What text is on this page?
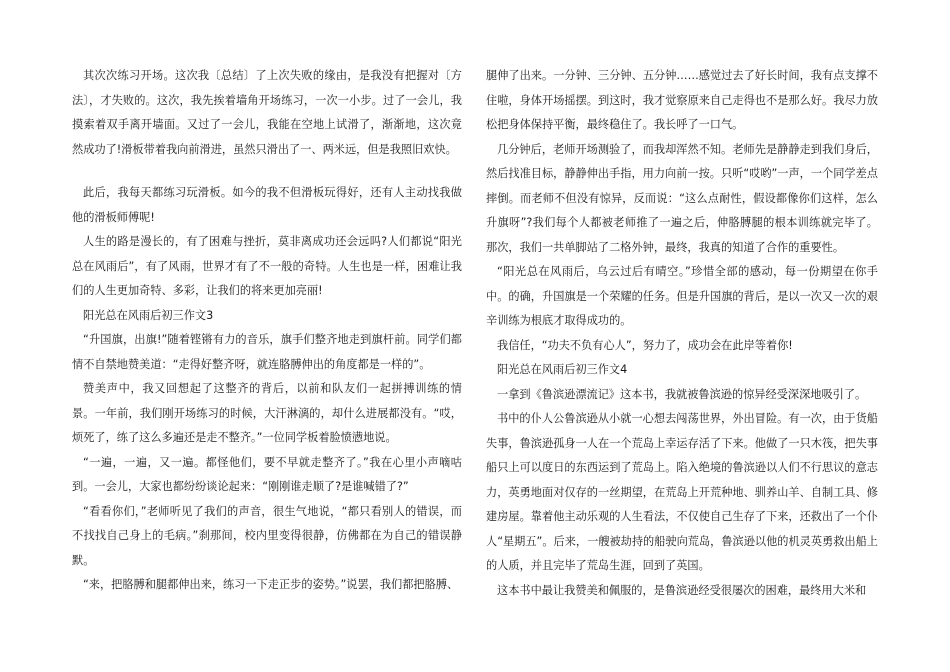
其次次练习开场。这次我〔总结〕了上次失败的缘由，是我没有把握对〔方法〕，才失败的。这次，我先挨着墙角开场练习，一次一小步。过了一会儿，我摸索着双手离开墙面。又过了一会儿，我能在空地上试滑了，渐渐地，这次竟然成功了!滑板带着我向前滑进，虽然只滑出了一、两米远，但是我照旧欢快。

此后，我每天都练习玩滑板。如今的我不但滑板玩得好，还有人主动找我做他的滑板师傅呢!

人生的路是漫长的，有了困难与挫折，莫非离成功还会远吗?人们都说“阳光总在风雨后”，有了风雨，世界才有了不一般的奇特。人生也是一样，困难让我们的人生更加奇特、多彩，让我们的将来更加亮丽!

阳光总在风雨后初三作文3

“升国旗，出旗!”随着铿锵有力的音乐，旗手们整齐地走到旗杆前。同学们都情不自禁地赞美道：“走得好整齐呀，就连胳膊伸出的角度都是一样的”。

赞美声中，我又回想起了这整齐的背后，以前和队友们一起拼搏训练的情景。一年前，我们刚开场练习的时候，大汗淋漓的，却什么进展都没有。“哎，烦死了，练了这么多遍还是走不整齐。”一位同学板着脸愤懑地说。

“一遍，一遍，又一遍。都怪他们，要不早就走整齐了。”我在心里小声嘀咕到。一会儿，大家也都纷纷谈论起来：“刚刚谁走顺了?是谁喊错了?”

“看看你们，”老师听见了我们的声音，很生气地说，“都只看别人的错误，而不找找自己身上的毛病。”刹那间，校内里变得很静，仿佛都在为自己的错误静默。

“来，把胳膊和腿都伸出来，练习一下走正步的姿势。”说罢，我们都把胳膊、

腿伸了出来。一分钟、三分钟、五分钟……感觉过去了好长时间，我有点支撑不住啦，身体开场摇摆。到这时，我才觉察原来自己走得也不是那么好。我尽力放松把身体保持平衡，最终稳住了。我长呼了一口气。

几分钟后，老师开场测验了，而我却浑然不知。老师先是静静走到我们身后，然后找准目标，静静伸出手指，用力向前一按。只听“哎哟”一声，一个同学差点摔倒。而老师不但没有惊异，反而说：“这么点耐性，假设都像你们这样，怎么升旗呀”?我们每个人都被老师推了一遍之后，伸胳膊腿的根本训练就完毕了。那次，我们一共单脚站了二格外钟，最终，我真的知道了合作的重要性。

“阳光总在风雨后，乌云过后有晴空。”珍惜全部的感动，每一份期望在你手中。的确，升国旗是一个荣耀的任务。但是升国旗的背后，是以一次又一次的艰辛训练为根底才取得成功的。

我信任，“功夫不负有心人”，努力了，成功会在此岸等着你!

阳光总在风雨后初三作文4

一拿到《鲁滨逊漂流记》这本书，我就被鲁滨逊的惊异经受深深地吸引了。

书中的仆人公鲁滨逊从小就一心想去闯荡世界，外出冒险。有一次，由于货船失事，鲁滨逊孤身一人在一个荒岛上幸运存活了下来。他做了一只木筏，把失事船只上可以度日的东西运到了荒岛上。陷入绝境的鲁滨逊以人们不行思议的意志力，英勇地面对仅存的一丝期望，在荒岛上开荒种地、驯养山羊、自制工具、修建房屋。靠着他主动乐观的人生看法，不仅使自己生存了下来，还救出了一个仆人“星期五”。后来，一艘被劫持的船驶向荒岛，鲁滨逊以他的机灵英勇救出船上的人质，并且完毕了荒岛生涯，回到了英国。

这本书中最让我赞美和佩服的，是鲁滨逊经受很屡次的困难，最终用大米和
